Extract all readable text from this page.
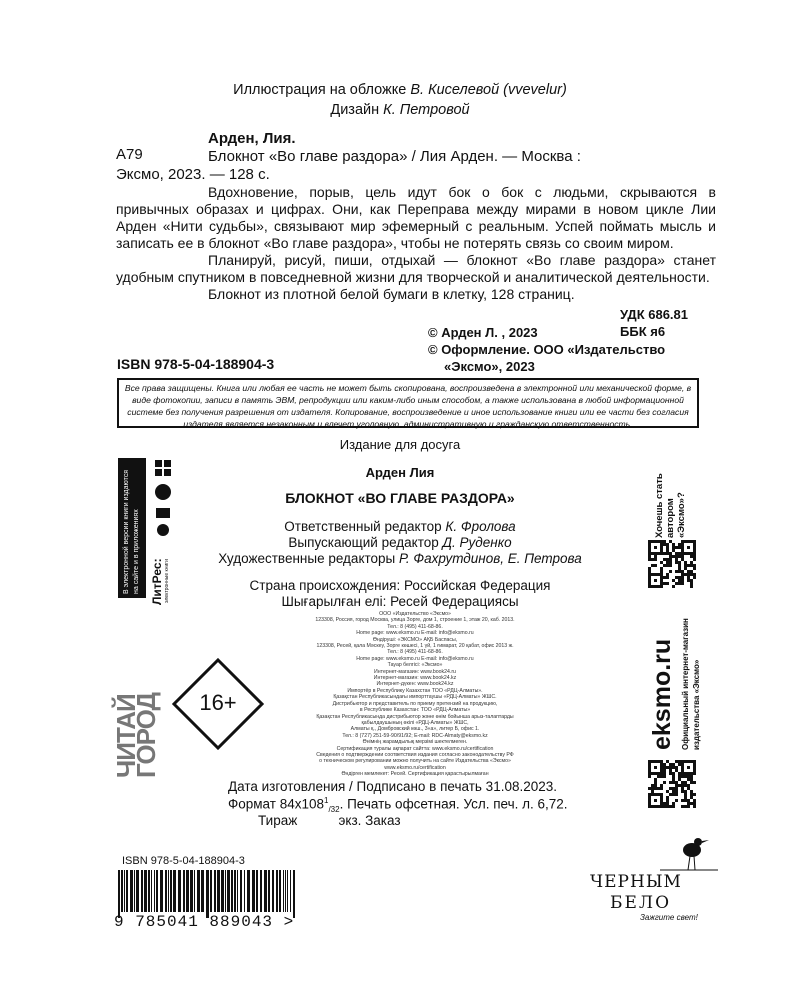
Иллюстрация на обложке В. Киселевой (vvevelur)
Дизайн К. Петровой
А79
Арден, Лия.
Блокнот «Во главе раздора» / Лия Арден. — Москва :
Эксмо, 2023. — 128 с.

Вдохновение, порыв, цель идут бок о бок с людьми, скрываются в привычных образах и цифрах. Они, как Переправа между мирами в новом цикле Лии Арден «Нити судьбы», связывают мир эфемерный с реальным. Успей поймать мысль и записать ее в блокнот «Во главе раздора», чтобы не потерять связь со своим миром.

Планируй, рисуй, пиши, отдыхай — блокнот «Во главе раздора» станет удобным спутником в повседневной жизни для творческой и аналитической деятельности.

Блокнот из плотной белой бумаги в клетку, 128 страниц.

УДК 686.81
ББК я6
© Арден Л. , 2023
© Оформление. ООО «Издательство
«Эксмо», 2023
ISBN 978-5-04-188904-3
Все права защищены. Книга или любая ее часть не может быть скопирована, воспроизведена в электронной или механической форме, в виде фотокопии, записи в память ЭВМ, репродукции или каким-либо иным способом, а также использована в любой информационной системе без получения разрешения от издателя. Копирование, воспроизведение и иное использование книги или ее части без согласия издателя является незаконным и влечет уголовную, административную и гражданскую ответственность.
Издание для досуга
Арден Лия
БЛОКНОТ «ВО ГЛАВЕ РАЗДОРА»
Ответственный редактор К. Фролова
Выпускающий редактор Д. Руденко
Художественные редакторы Р. Фахрутдинов, Е. Петрова
Страна происхождения: Российская Федерация
Шығарылған елі: Ресей Федерациясы
16+
ООО «Издательство «Эксмо»
123308, Россия, город Москва, улица Зорге, дом 1, строение 1, этаж 20, каб. 2013.
Тел.: 8 (495) 411-68-86.
Home page: www.eksmo.ru E-mail: info@eksmo.ru
Өндіруші: «ЭКСМО» АҚБ Баспасы,
123308, Ресей, қала Мәскеу, Зорге көшесі, 1 үй, 1 ғимарат, 20 қабат, офис 2013 ж.
Тел.: 8 (495) 411-68-86.
Home page: www.eksmo.ru E-mail: info@eksmo.ru
Тауар белгісі: «Эксмо»
Интернет-магазин: www.book24.ru
Интернет-магазин: www.book24.kz
Интернет-дүкен: www.book24.kz
Импортёр в Республику Казахстан ТОО «РДЦ-Алматы».
Қазақстан Республикасындағы импорттаушы «РДЦ-Алматы» ЖШС.
Дистрибьютор и представитель по приему претензий на продукцию,
в Республике Казахстан: ТОО «РДЦ-Алматы»
Қазақстан Республикасында дистрибьютор және өнім бойынша арыз-талаптарды
қабылдаушының өкілі «РДЦ-Алматы» ЖШС,
Алматы қ., Домбровский көш., 3«а», литер Б, офис 1.
Тел.: 8 (727) 251-59-90/91/92; E-mail: RDC-Almaty@eksmo.kz
Өнімнің жарамдылық мерзімі шектелмеген.
Сертификация туралы ақпарат сайтта: www.eksmo.ru/certification
Сведения о подтверждении соответствия издания согласно законодательству РФ
о техническом регулировании можно получить на сайте Издательства «Эксмо»
www.eksmo.ru/certification
Өндірген мемлекет: Ресей. Сертификация қарастырылмаған
Дата изготовления / Подписано в печать 31.08.2023.
Формат $84x108^1_{/32}$. Печать офсетная. Усл. печ. л. 6,72.
Тираж           экз. Заказ
В электронной версии книги издаются на сайте и в приложениях ЛитРес: электронные книги
ЧИТАЙ ГОРОД
Хочешь стать автором «Эксмо»?
eksmo.ru Официальный интернет-магазин издательства «Эксмо»
ISBN 978-5-04-188904-3
9 785041 889043 >
ЧЕРНЫМ
БЕЛО
Зажгите свет!
